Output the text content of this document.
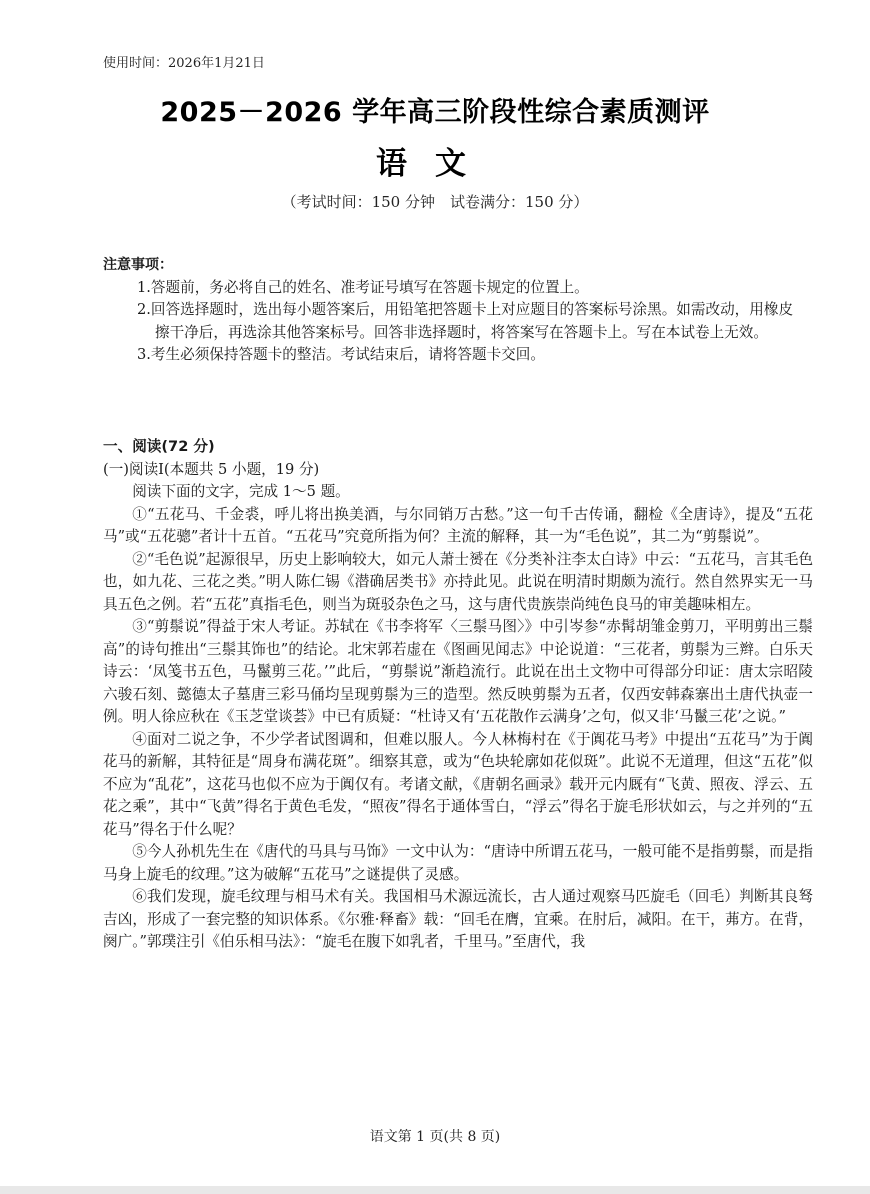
使用时间：2026年1月21日
2025－2026 学年高三阶段性综合素质测评
语文
（考试时间：150 分钟　试卷满分：150 分）
注意事项：
1.答题前，务必将自己的姓名、准考证号填写在答题卡规定的位置上。
2.回答选择题时，选出每小题答案后，用铅笔把答题卡上对应题目的答案标号涂黑。如需改动，用橡皮擦干净后，再选涂其他答案标号。回答非选择题时，将答案写在答题卡上。写在本试卷上无效。
3.考生必须保持答题卡的整洁。考试结束后，请将答题卡交回。

一、阅读(72 分)

(一)阅读Ⅰ(本题共 5 小题，19 分)

阅读下面的文字，完成 1～5 题。

①“五花马、千金裘，呼儿将出换美酒，与尔同销万古愁。”这一句千古传诵，翻检《全唐诗》，提及“五花马”或“五花骢”者计十五首。“五花马”究竟所指为何？主流的解释，其一为“毛色说”，其二为“剪鬃说”。

②“毛色说”起源很早，历史上影响较大，如元人萧士赟在《分类补注李太白诗》中云：“五花马，言其毛色也，如九花、三花之类。”明人陈仁锡《潜确居类书》亦持此见。此说在明清时期颇为流行。然自然界实无一马具五色之例。若“五花”真指毛色，则当为斑驳杂色之马，这与唐代贵族崇尚纯色良马的审美趣味相左。

③“剪鬃说”得益于宋人考证。苏轼在《书李将军〈三鬃马图〉》中引岑参“赤髯胡雏金剪刀，平明剪出三鬃高”的诗句推出“三鬃其饰也”的结论。北宋郭若虚在《图画见闻志》中论说道：“三花者，剪鬃为三辫。白乐天诗云：‘凤笺书五色，马鬣剪三花。’”此后，“剪鬃说”渐趋流行。此说在出土文物中可得部分印证：唐太宗昭陵六骏石刻、懿德太子墓唐三彩马俑均呈现剪鬃为三的造型。然反映剪鬃为五者，仅西安韩森寨出土唐代执壶一例。明人徐应秋在《玉芝堂谈荟》中已有质疑：“杜诗又有‘五花散作云满身’之句，似又非‘马鬣三花’之说。”

④面对二说之争，不少学者试图调和，但难以服人。今人林梅村在《于阗花马考》中提出“五花马”为于阗花马的新解，其特征是“周身布满花斑”。细察其意，或为“色块轮廓如花似斑”。此说不无道理，但这“五花”似不应为“乱花”，这花马也似不应为于阗仅有。考诸文献，《唐朝名画录》载开元内厩有“飞黄、照夜、浮云、五花之乘”，其中“飞黄”得名于黄色毛发，“照夜”得名于通体雪白，“浮云”得名于旋毛形状如云，与之并列的“五花马”得名于什么呢？

⑤今人孙机先生在《唐代的马具与马饰》一文中认为：“唐诗中所谓五花马，一般可能不是指剪鬃，而是指马身上旋毛的纹理。”这为破解“五花马”之谜提供了灵感。

⑥我们发现，旋毛纹理与相马术有关。我国相马术源远流长，古人通过观察马匹旋毛（回毛）判断其良驽吉凶，形成了一套完整的知识体系。《尔雅·释畜》载：“回毛在膺，宜乘。在肘后，减阳。在干，茀方。在背，阕广。”郭璞注引《伯乐相马法》：“旋毛在腹下如乳者，千里马。”至唐代，我

语文第 1 页(共 8 页)
